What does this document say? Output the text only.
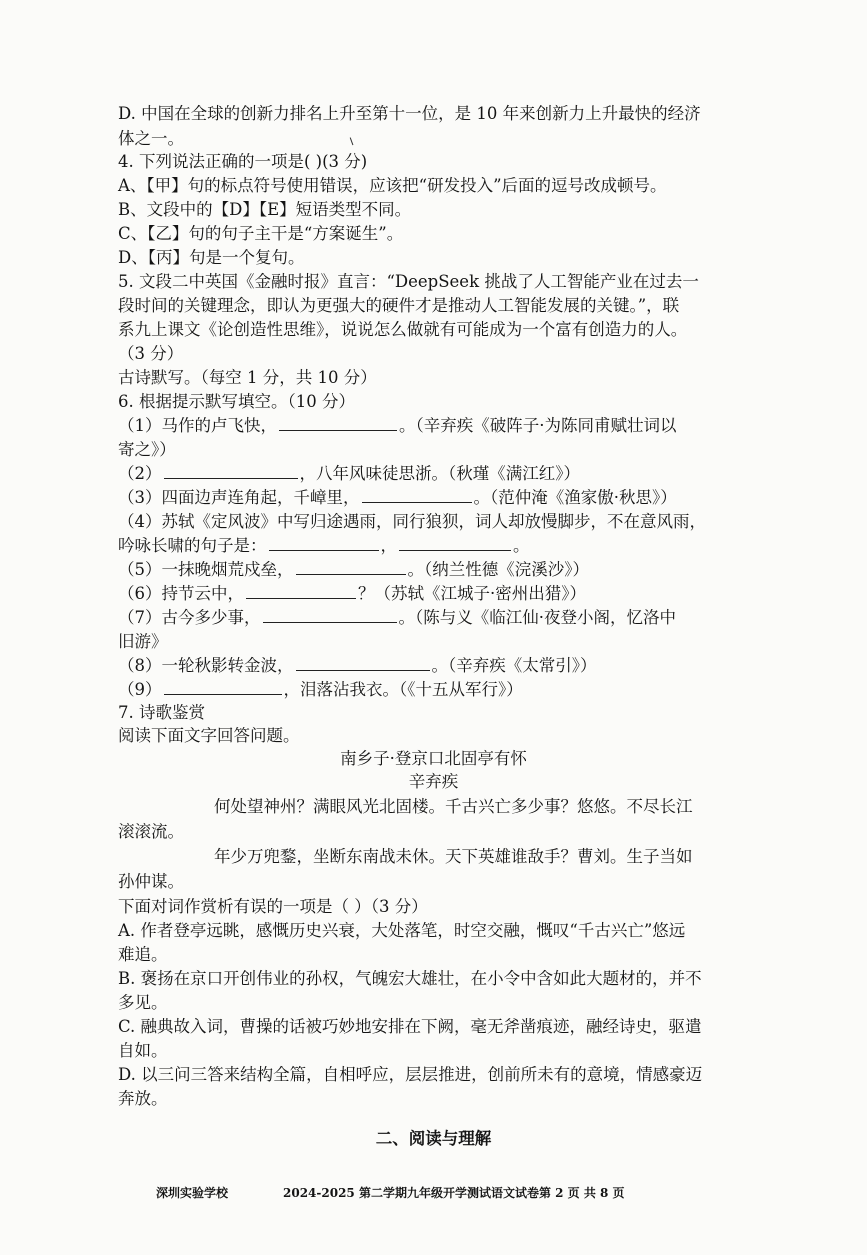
D. 中国在全球的创新力排名上升至第十一位，是 10 年来创新力上升最快的经济
体之一。
4. 下列说法正确的一项是( )(3 分)
A、【甲】句的标点符号使用错误，应该把“研发投入”后面的逗号改成顿号。
B、文段中的【D】【E】短语类型不同。
C、【乙】句的句子主干是“方案诞生”。
D、【丙】句是一个复句。
5. 文段二中英国《金融时报》直言：“DeepSeek 挑战了人工智能产业在过去一
段时间的关键理念，即认为更强大的硬件才是推动人工智能发展的关键。”，联
系九上课文《论创造性思维》，说说怎么做就有可能成为一个富有创造力的人。
（3 分）
古诗默写。（每空 1 分，共 10 分）
6. 根据提示默写填空。（10 分）
（1）马作的卢飞快，	。（辛弃疾《破阵子·为陈同甫赋壮词以
寄之》）
（2）	，八年风味徒思浙。（秋瑾《满江红》）
（3）四面边声连角起，千嶂里，	。（范仲淹《渔家傲·秋思》）
（4）苏轼《定风波》中写归途遇雨，同行狼狈，词人却放慢脚步，不在意风雨，
吟咏长啸的句子是：	，	。
（5）一抹晚烟荒戍垒，	。（纳兰性德《浣溪沙》）
（6）持节云中，	？（苏轼《江城子·密州出猎》）
（7）古今多少事，	。（陈与义《临江仙·夜登小阁，忆洛中
旧游》
（8）一轮秋影转金波，	。（辛弃疾《太常引》）
（9）	，泪落沾我衣。（《十五从军行》）
7. 诗歌鉴赏
阅读下面文字回答问题。
南乡子·登京口北固亭有怀
辛弃疾
何处望神州？满眼风光北固楼。千古兴亡多少事？悠悠。不尽长江
滚滚流。
年少万兜鍪，坐断东南战未休。天下英雄谁敌手？曹刘。生子当如
孙仲谋。
下面对词作赏析有误的一项是（ ）（3 分）
A. 作者登亭远眺，感慨历史兴衰，大处落笔，时空交融，慨叹“千古兴亡”悠远
难追。
B. 褒扬在京口开创伟业的孙权，气魄宏大雄壮，在小令中含如此大题材的，并不
多见。
C. 融典故入词，曹操的话被巧妙地安排在下阙，毫无斧凿痕迹，融经诗史，驱遣
自如。
D. 以三问三答来结构全篇，自相呼应，层层推进，创前所未有的意境，情感豪迈
奔放。
二、阅读与理解
深圳实验学校	2024-2025 第二学期九年级开学测试语文试卷第 2 页 共 8 页
